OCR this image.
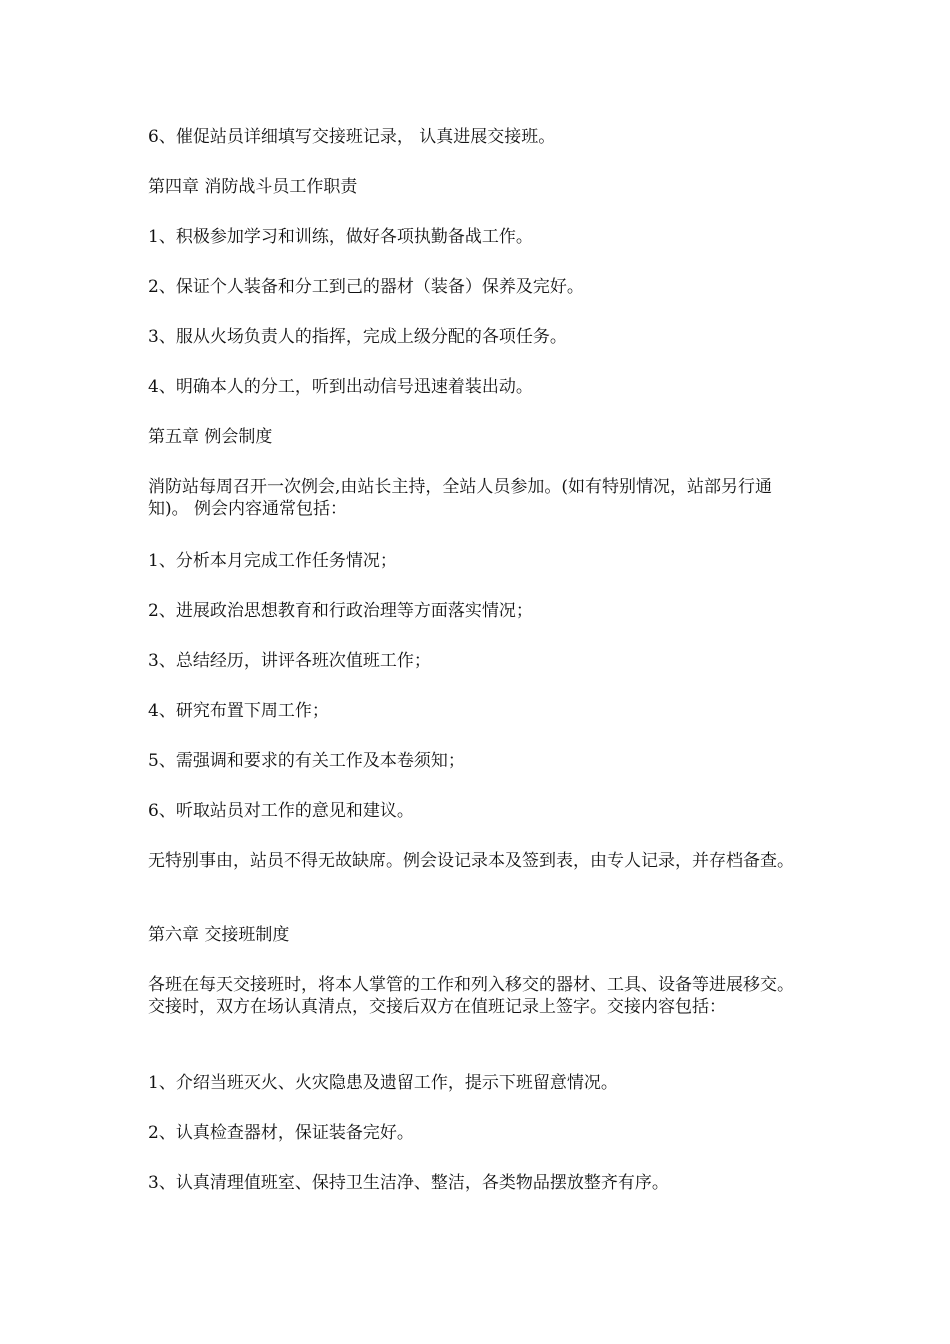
6、催促站员详细填写交接班记录， 认真进展交接班。

第四章 消防战斗员工作职责

1、积极参加学习和训练，做好各项执勤备战工作。

2、保证个人装备和分工到己的器材（装备）保养及完好。

3、服从火场负责人的指挥，完成上级分配的各项任务。

4、明确本人的分工，听到出动信号迅速着装出动。

第五章 例会制度

消防站每周召开一次例会,由站长主持，全站人员参加。(如有特别情况，站部另行通知)。 例会内容通常包括：

1、分析本月完成工作任务情况；

2、进展政治思想教育和行政治理等方面落实情况；

3、总结经历，讲评各班次值班工作；

4、研究布置下周工作；

5、需强调和要求的有关工作及本卷须知；

6、听取站员对工作的意见和建议。

无特别事由，站员不得无故缺席。例会设记录本及签到表，由专人记录，并存档备查。

第六章 交接班制度

各班在每天交接班时，将本人掌管的工作和列入移交的器材、工具、设备等进展移交。交接时，双方在场认真清点，交接后双方在值班记录上签字。交接内容包括：

1、介绍当班灭火、火灾隐患及遗留工作，提示下班留意情况。

2、认真检查器材，保证装备完好。

3、认真清理值班室、保持卫生洁净、整洁，各类物品摆放整齐有序。
